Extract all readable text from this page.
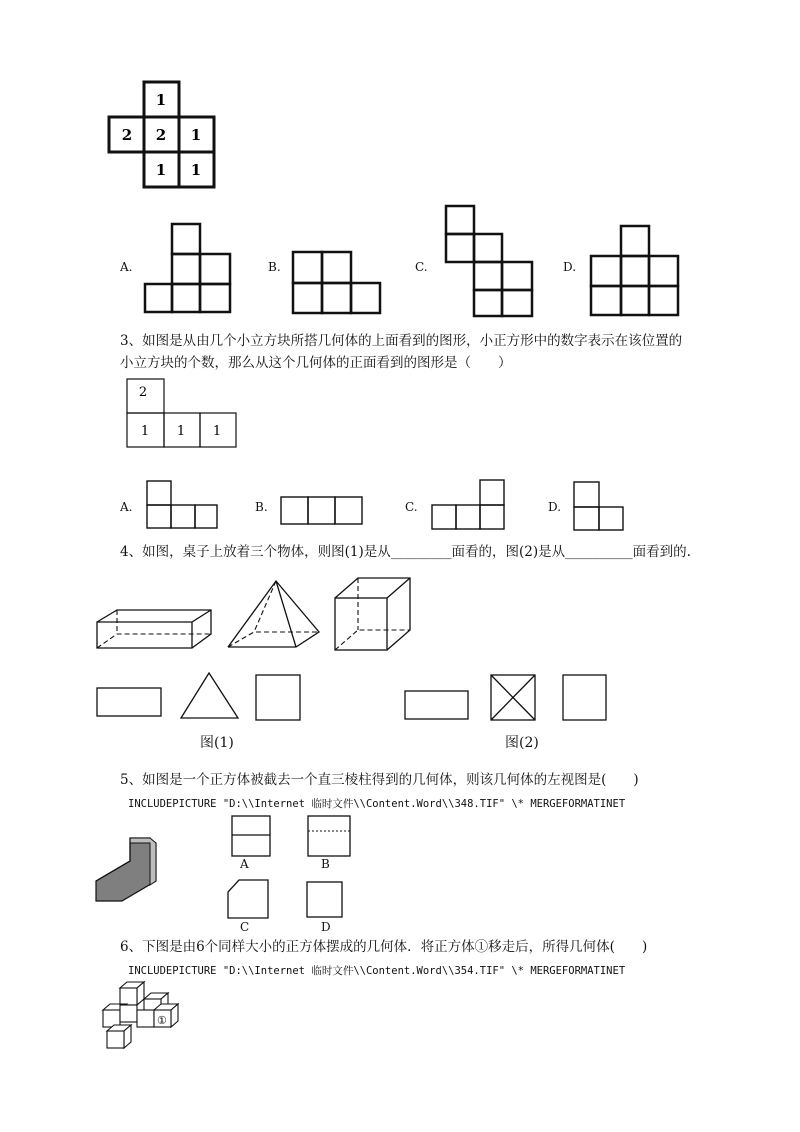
1
2 2 1
1 1
A.	B.	C.	D.
3、如图是从由几个小立方块所搭几何体的上面看到的图形，小正方形中的数字表示在该位置的
小立方块的个数，那么从这个几何体的正面看到的图形是（　　）
2
1 1 1
A.	B.	C.	D.
4、如图，桌子上放着三个物体，则图(1)是从_________面看的，图(2)是从__________面看到的.
图(1)	图(2)
5、如图是一个正方体被截去一个直三棱柱得到的几何体，则该几何体的左视图是(　　)
INCLUDEPICTURE "D:\\Internet 临时文件\\Content.Word\\348.TIF" \* MERGEFORMATINET
A	B
C	D
6、下图是由6个同样大小的正方体摆成的几何体．将正方体①移走后，所得几何体(　　)
INCLUDEPICTURE "D:\\Internet 临时文件\\Content.Word\\354.TIF" \* MERGEFORMATINET
①
